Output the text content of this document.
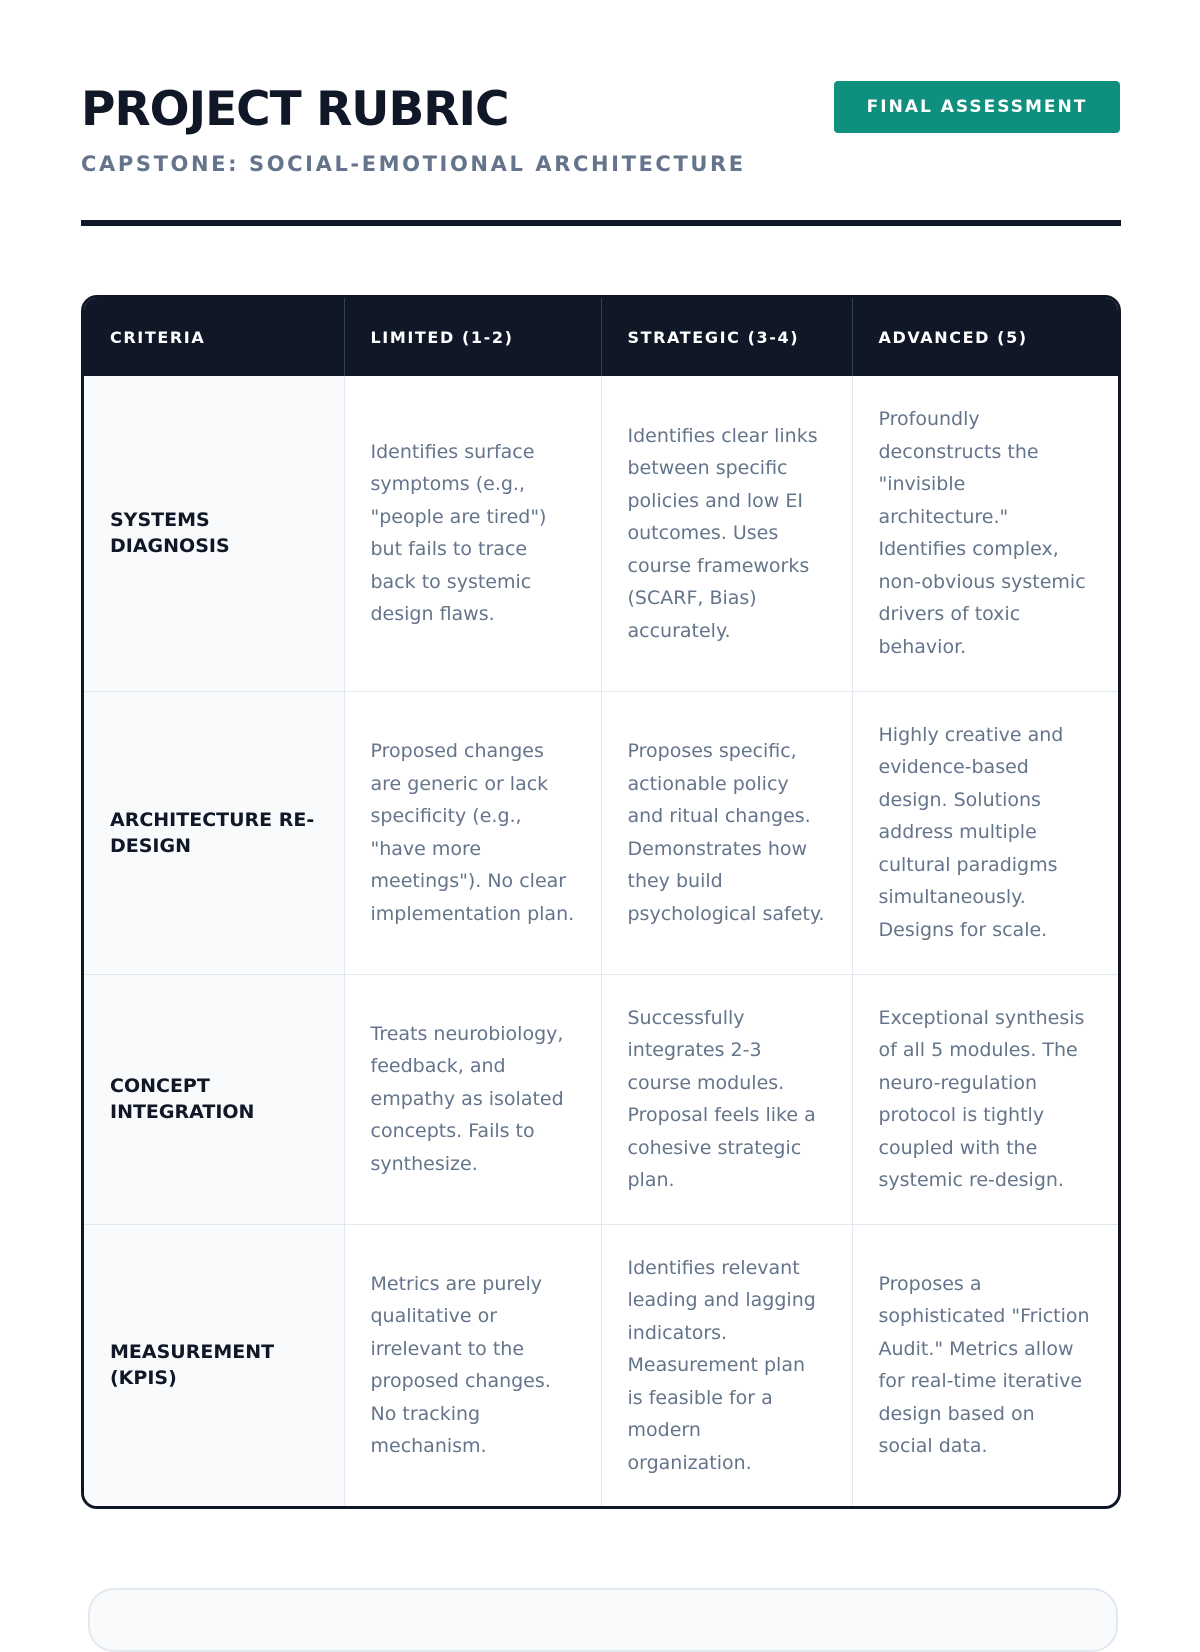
PROJECT RUBRIC
CAPSTONE: SOCIAL-EMOTIONAL ARCHITECTURE
FINAL ASSESSMENT
CRITERIA	LIMITED (1-2)	STRATEGIC (3-4)	ADVANCED (5)
SYSTEMS DIAGNOSIS	Identifies surface symptoms (e.g., "people are tired") but fails to trace back to systemic design flaws.	Identifies clear links between specific policies and low EI outcomes. Uses course frameworks (SCARF, Bias) accurately.	Profoundly deconstructs the "invisible architecture." Identifies complex, non-obvious systemic drivers of toxic behavior.
ARCHITECTURE RE-DESIGN	Proposed changes are generic or lack specificity (e.g., "have more meetings"). No clear implementation plan.	Proposes specific, actionable policy and ritual changes. Demonstrates how they build psychological safety.	Highly creative and evidence-based design. Solutions address multiple cultural paradigms simultaneously. Designs for scale.
CONCEPT INTEGRATION	Treats neurobiology, feedback, and empathy as isolated concepts. Fails to synthesize.	Successfully integrates 2-3 course modules. Proposal feels like a cohesive strategic plan.	Exceptional synthesis of all 5 modules. The neuro-regulation protocol is tightly coupled with the systemic re-design.
MEASUREMENT (KPIS)	Metrics are purely qualitative or irrelevant to the proposed changes. No tracking mechanism.	Identifies relevant leading and lagging indicators. Measurement plan is feasible for a modern organization.	Proposes a sophisticated "Friction Audit." Metrics allow for real-time iterative design based on social data.
